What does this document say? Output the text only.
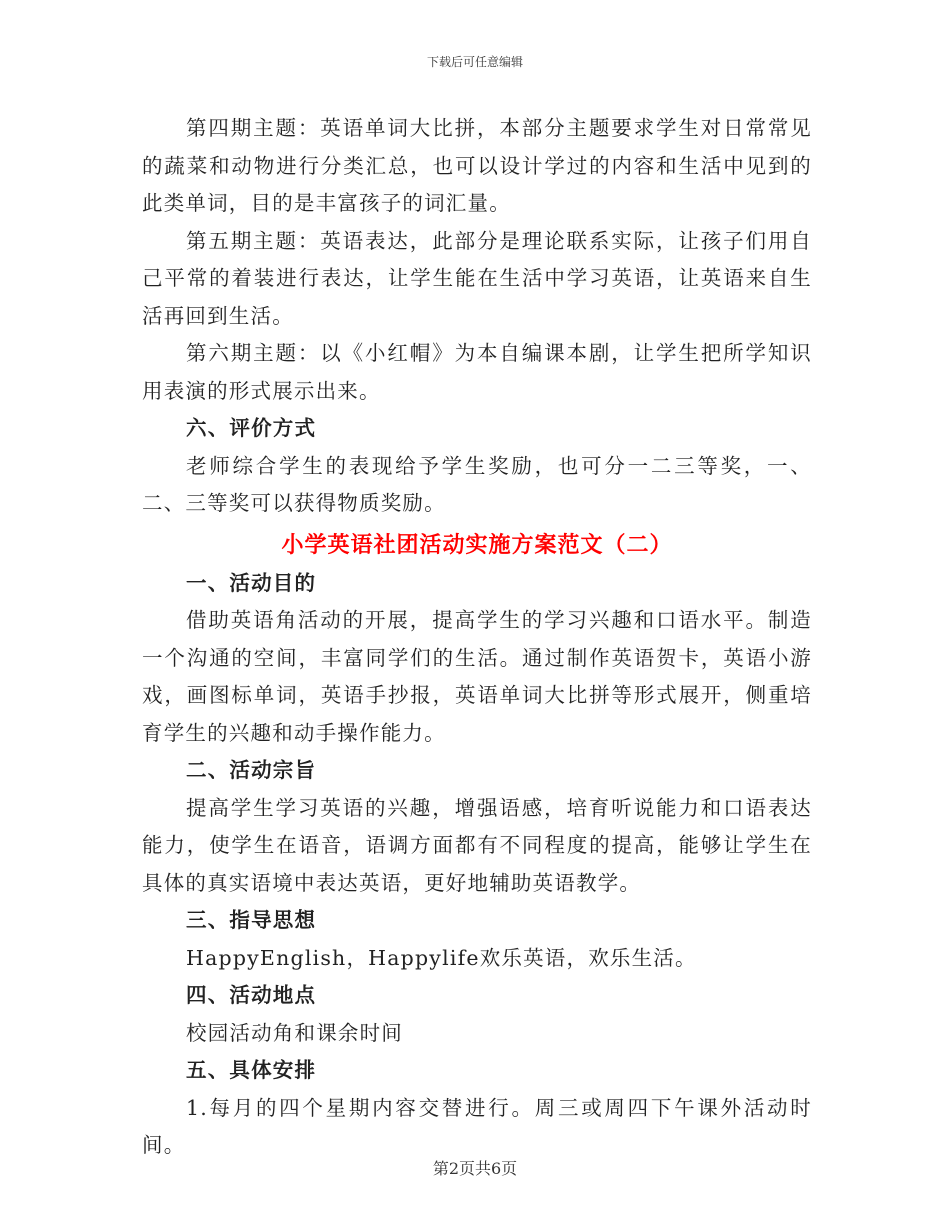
下载后可任意编辑

第四期主题：英语单词大比拼，本部分主题要求学生对日常常见的蔬菜和动物进行分类汇总，也可以设计学过的内容和生活中见到的此类单词，目的是丰富孩子的词汇量。

第五期主题：英语表达，此部分是理论联系实际，让孩子们用自己平常的着装进行表达，让学生能在生活中学习英语，让英语来自生活再回到生活。

第六期主题：以《小红帽》为本自编课本剧，让学生把所学知识用表演的形式展示出来。

六、评价方式

老师综合学生的表现给予学生奖励，也可分一二三等奖，一、二、三等奖可以获得物质奖励。

小学英语社团活动实施方案范文（二）

一、活动目的

借助英语角活动的开展，提高学生的学习兴趣和口语水平。制造一个沟通的空间，丰富同学们的生活。通过制作英语贺卡，英语小游戏，画图标单词，英语手抄报，英语单词大比拼等形式展开，侧重培育学生的兴趣和动手操作能力。

二、活动宗旨

提高学生学习英语的兴趣，增强语感，培育听说能力和口语表达能力，使学生在语音，语调方面都有不同程度的提高，能够让学生在具体的真实语境中表达英语，更好地辅助英语教学。

三、指导思想

HappyEnglish，Happylife欢乐英语，欢乐生活。

四、活动地点

校园活动角和课余时间

五、具体安排

1.每月的四个星期内容交替进行。周三或周四下午课外活动时间。

第2页共6页
